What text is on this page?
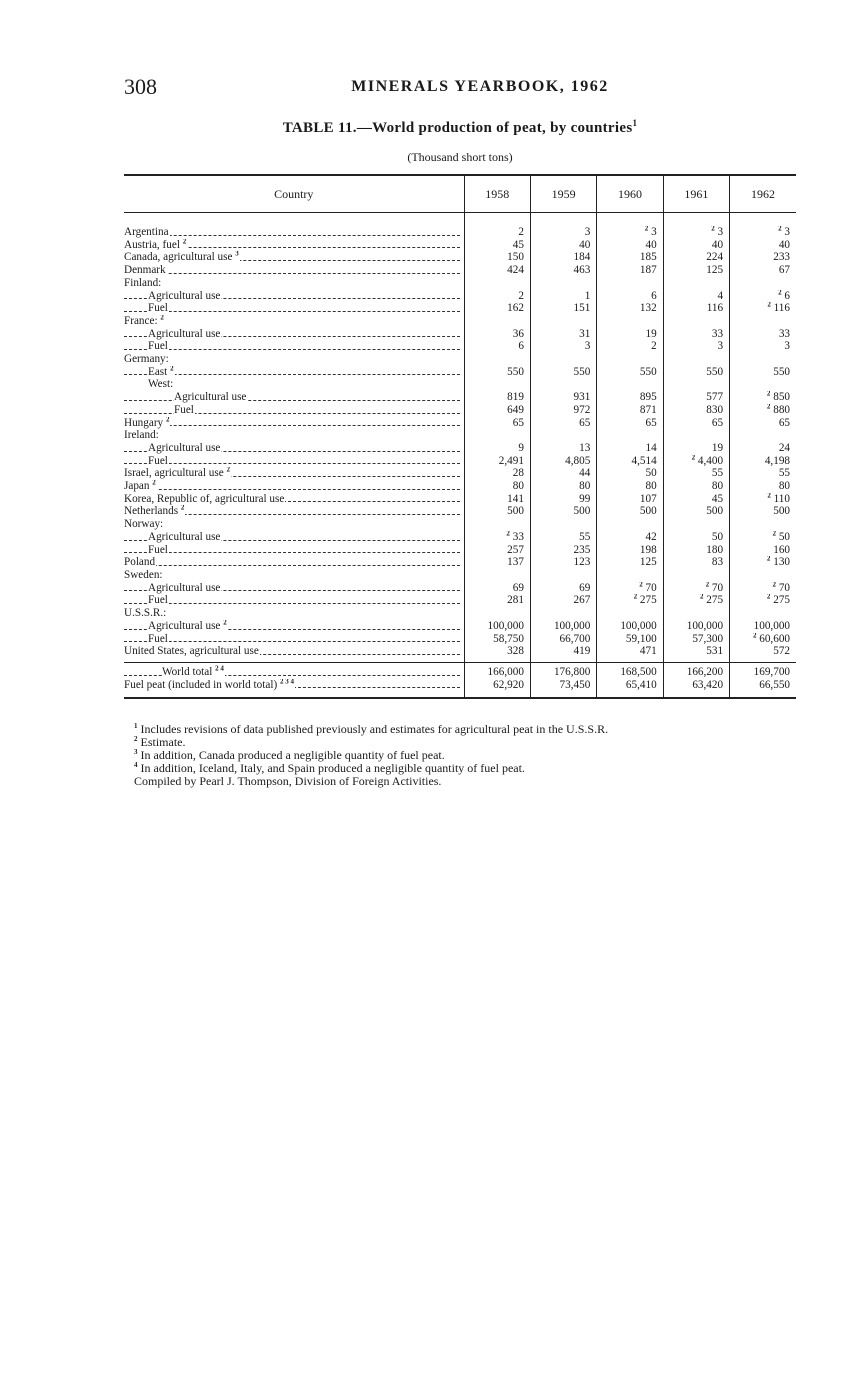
308	MINERALS YEARBOOK, 1962
TABLE 11.—World production of peat, by countries$^1$
(Thousand short tons)
Country	1958	1959	1960	1961	1962

Argentina	2	3	$^2$ 3	$^2$ 3	$^2$ 3
Austria, fuel $^2$	45	40	40	40	40
Canada, agricultural use $^3$	150	184	185	224	233
Denmark	424	463	187	125	67
Finland:					
Agricultural use	2	1	6	4	$^2$ 6
Fuel	162	151	132	116	$^2$ 116
France: $^2$					
Agricultural use	36	31	19	33	33
Fuel	6	3	2	3	3
Germany:					
East $^2$	550	550	550	550	550
West:					
Agricultural use	819	931	895	577	$^2$ 850
Fuel	649	972	871	830	$^2$ 880
Hungary $^2$	65	65	65	65	65
Ireland:					
Agricultural use	9	13	14	19	24
Fuel	2,491	4,805	4,514	$^2$ 4,400	4,198
Israel, agricultural use $^2$	28	44	50	55	55
Japan $^2$	80	80	80	80	80
Korea, Republic of, agricultural use	141	99	107	45	$^2$ 110
Netherlands $^2$	500	500	500	500	500
Norway:					
Agricultural use	$^2$ 33	55	42	50	$^2$ 50
Fuel	257	235	198	180	160
Poland	137	123	125	83	$^2$ 130
Sweden:					
Agricultural use	69	69	$^2$ 70	$^2$ 70	$^2$ 70
Fuel	281	267	$^2$ 275	$^2$ 275	$^2$ 275
U.S.S.R.:					
Agricultural use $^2$	100,000	100,000	100,000	100,000	100,000
Fuel	58,750	66,700	59,100	57,300	$^2$ 60,600
United States, agricultural use	328	419	471	531	572

World total $^{2 4}$	166,000	176,800	168,500	166,200	169,700
Fuel peat (included in world total) $^{2 3 4}$	62,920	73,450	65,410	63,420	66,550

$^1$ Includes revisions of data published previously and estimates for agricultural peat in the U.S.S.R.
$^2$ Estimate.
$^3$ In addition, Canada produced a negligible quantity of fuel peat.
$^4$ In addition, Iceland, Italy, and Spain produced a negligible quantity of fuel peat.
Compiled by Pearl J. Thompson, Division of Foreign Activities.
